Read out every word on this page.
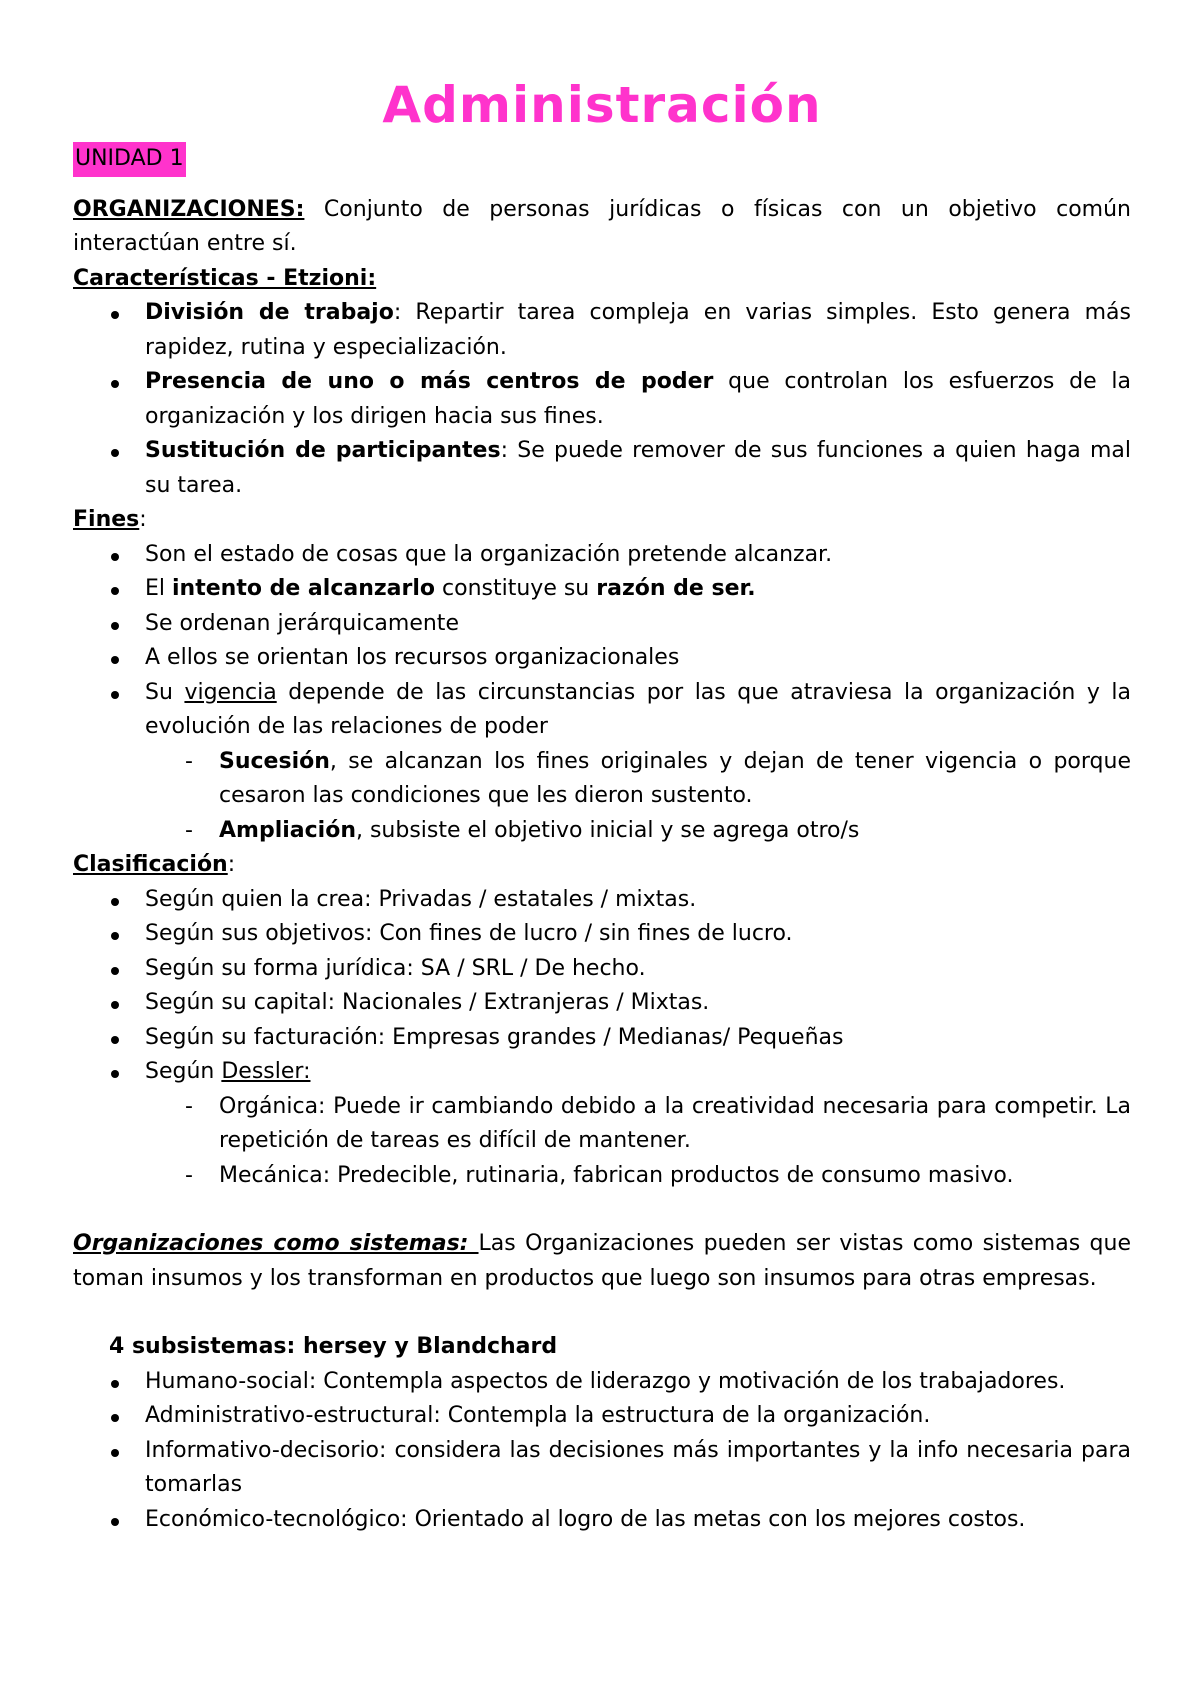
Administración

UNIDAD 1

ORGANIZACIONES: Conjunto de personas jurídicas o físicas con un objetivo común interactúan entre sí.

Características - Etzioni:

División de trabajo: Repartir tarea compleja en varias simples. Esto genera más rapidez, rutina y especialización.
Presencia de uno o más centros de poder que controlan los esfuerzos de la organización y los dirigen hacia sus fines.
Sustitución de participantes: Se puede remover de sus funciones a quien haga mal su tarea.

Fines:

Son el estado de cosas que la organización pretende alcanzar.
El intento de alcanzarlo constituye su razón de ser.
Se ordenan jerárquicamente
A ellos se orientan los recursos organizacionales
Su vigencia depende de las circunstancias por las que atraviesa la organización y la evolución de las relaciones de poder
- Sucesión, se alcanzan los fines originales y dejan de tener vigencia o porque cesaron las condiciones que les dieron sustento.
- Ampliación, subsiste el objetivo inicial y se agrega otro/s

Clasificación:

Según quien la crea: Privadas / estatales / mixtas.
Según sus objetivos: Con fines de lucro / sin fines de lucro.
Según su forma jurídica: SA / SRL / De hecho.
Según su capital: Nacionales / Extranjeras / Mixtas.
Según su facturación: Empresas grandes / Medianas/ Pequeñas
Según Dessler:
- Orgánica: Puede ir cambiando debido a la creatividad necesaria para competir. La repetición de tareas es difícil de mantener.
- Mecánica: Predecible, rutinaria, fabrican productos de consumo masivo.

Organizaciones como sistemas: Las Organizaciones pueden ser vistas como sistemas que toman insumos y los transforman en productos que luego son insumos para otras empresas.

4 subsistemas: hersey y Blandchard

Humano-social: Contempla aspectos de liderazgo y motivación de los trabajadores.
Administrativo-estructural: Contempla la estructura de la organización.
Informativo-decisorio: considera las decisiones más importantes y la info necesaria para tomarlas
Económico-tecnológico: Orientado al logro de las metas con los mejores costos.
